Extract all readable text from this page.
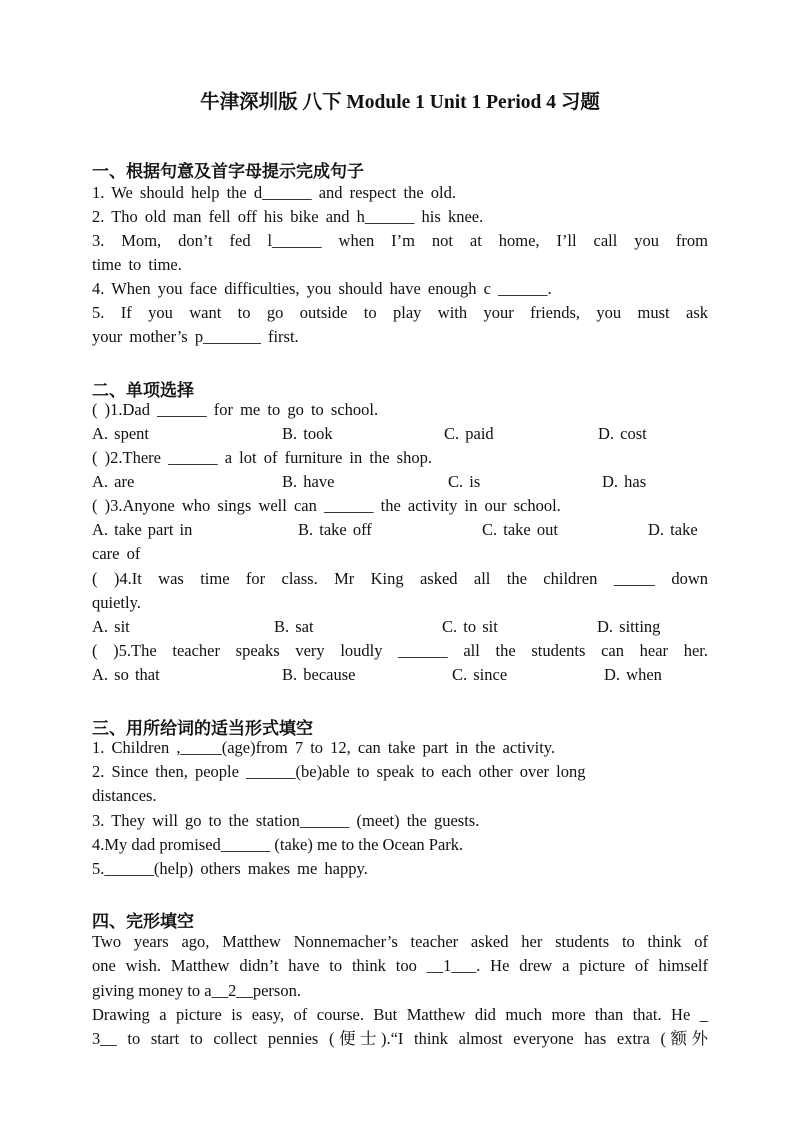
牛津深圳版 八下 Module 1 Unit 1 Period 4 习题
一、根据句意及首字母提示完成句子
1. We should help the d______ and respect the old.
2. Tho old man fell off his bike and h______ his knee.
3. Mom, don’t fed l______ when I’m not at home, I’ll call you from
time to time.
4. When you face difficulties, you should have enough c ______.
5. If you want to go outside to play with your friends, you must ask
your mother’s p_______ first.
二、单项选择
( )1.Dad ______ for me to go to school.
A. spent	B. took	C. paid	D. cost
( )2.There ______ a lot of furniture in the shop.
A. are	B. have	C. is	D. has
( )3.Anyone who sings well can ______ the activity in our school.
A. take part in	B. take off	C. take out	D. take
care of
( )4.It was time for class. Mr King asked all the children _____ down
quietly.
A. sit	B. sat	C. to sit	D. sitting
( )5.The teacher speaks very loudly ______ all the students can hear her.
A. so that	B. because	C. since	D. when
三、用所给词的适当形式填空
1. Children ,_____(age)from 7 to 12, can take part in the activity.
2. Since then, people ______(be)able to speak to each other over long
distances.
3. They will go to the station______ (meet) the guests.
4.My dad promised______ (take) me to the Ocean Park.
5.______(help) others makes me happy.
四、完形填空
Two years ago, Matthew Nonnemacher’s teacher asked her students to think of
one wish. Matthew didn’t have to think too __1___. He drew a picture of himself
giving money to a__2__person.
Drawing a picture is easy, of course. But Matthew did much more than that. He _
3__ to start to collect pennies (便士).“I think almost everyone has extra (额外
